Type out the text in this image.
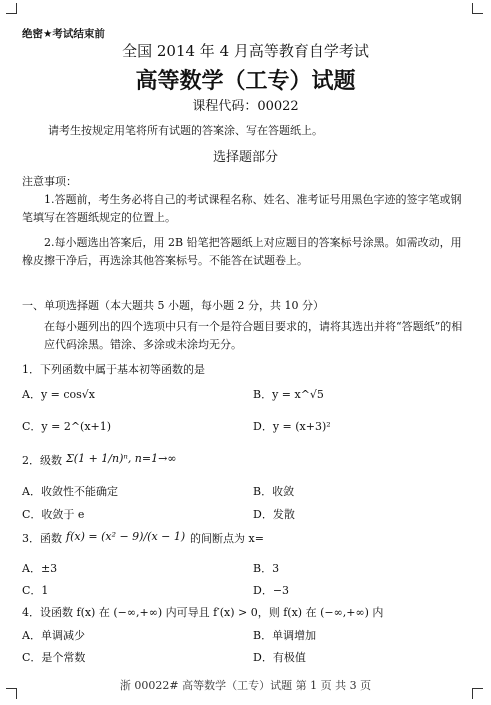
绝密★考试结束前
全国 2014 年 4 月高等教育自学考试
高等数学（工专）试题
课程代码：00022
请考生按规定用笔将所有试题的答案涂、写在答题纸上。
选择题部分
注意事项：
1.答题前，考生务必将自己的考试课程名称、姓名、准考证号用黑色字迹的签字笔或钢笔填写在答题纸规定的位置上。
2.每小题选出答案后，用 2B 铅笔把答题纸上对应题目的答案标号涂黑。如需改动，用橡皮擦干净后，再选涂其他答案标号。不能答在试题卷上。
一、单项选择题（本大题共 5 小题，每小题 2 分，共 10 分）
在每小题列出的四个选项中只有一个是符合题目要求的，请将其选出并将“答题纸”的相应代码涂黑。错涂、多涂或未涂均无分。
1．下列函数中属于基本初等函数的是
A．y = cos√x	B．y = x^√5
C．y = 2^(x+1)	D．y = (x+3)²
2．级数 Σ(1 + 1/n)ⁿ, n=1→∞
A．收敛性不能确定	B．收敛
C．收敛于 e	D．发散
3．函数 f(x) = (x² − 9)/(x − 1) 的间断点为 x=
A．±3	B．3
C．1	D．−3
4．设函数 f(x) 在 (−∞,+∞) 内可导且 f′(x) > 0，则 f(x) 在 (−∞,+∞) 内
A．单调减少	B．单调增加
C．是个常数	D．有极值
浙 00022# 高等数学（工专）试题 第 1 页 共 3 页
